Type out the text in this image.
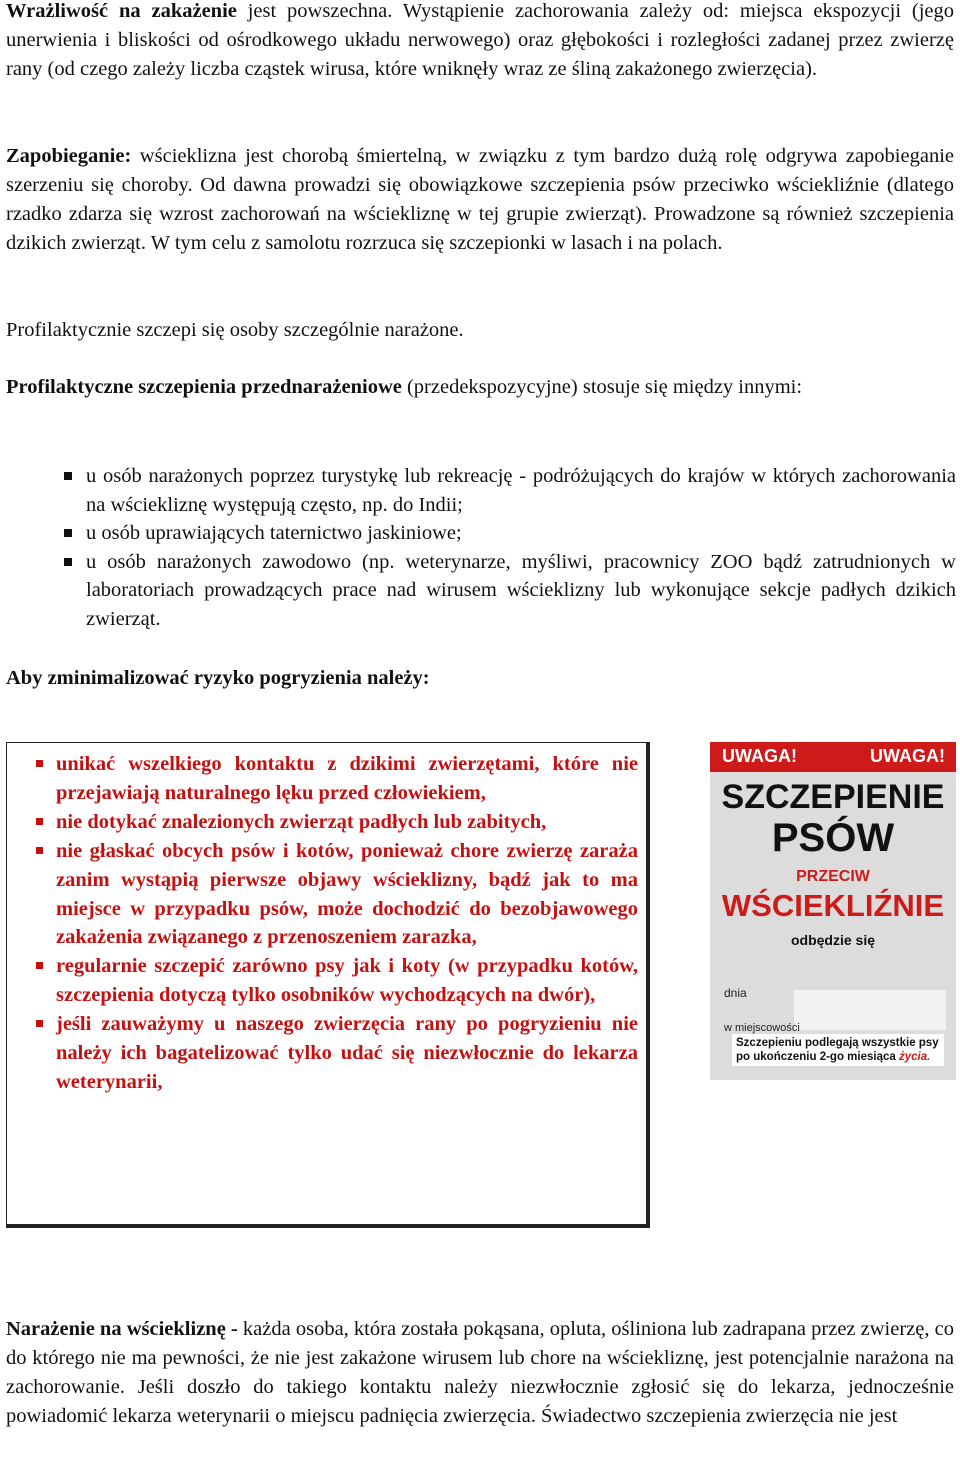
Wrażliwość na zakażenie jest powszechna. Wystąpienie zachorowania zależy od: miejsca ekspozycji (jego unerwienia i bliskości od ośrodkowego układu nerwowego) oraz głębokości i rozległości zadanej przez zwierzę rany (od czego zależy liczba cząstek wirusa, które wniknęły wraz ze śliną zakażonego zwierzęcia).
Zapobieganie: wścieklizna jest chorobą śmiertelną, w związku z tym bardzo dużą rolę odgrywa zapobieganie szerzeniu się choroby. Od dawna prowadzi się obowiązkowe szczepienia psów przeciwko wściekliźnie (dlatego rzadko zdarza się wzrost zachorowań na wściekliznę w tej grupie zwierząt). Prowadzone są również szczepienia dzikich zwierząt. W tym celu z samolotu rozrzuca się szczepionki w lasach i na polach.
Profilaktycznie szczepi się osoby szczególnie narażone.
Profilaktyczne szczepienia przednarażeniowe (przedekspozycyjne) stosuje się między innymi:
u osób narażonych poprzez turystykę lub rekreację - podróżujących do krajów w których zachorowania na wściekliznę występują często, np. do Indii;
u osób uprawiających taternictwo jaskiniowe;
u osób narażonych zawodowo (np. weterynarze, myśliwi, pracownicy ZOO bądź zatrudnionych w laboratoriach prowadzących prace nad wirusem wścieklizny lub wykonujące sekcje padłych dzikich zwierząt.
Aby zminimalizować ryzyko pogryzienia należy:
unikać wszelkiego kontaktu z dzikimi zwierzętami, które nie przejawiają naturalnego lęku przed człowiekiem,
nie dotykać znalezionych zwierząt padłych lub zabitych,
nie głaskać obcych psów i kotów, ponieważ chore zwierzę zaraża zanim wystąpią pierwsze objawy wścieklizny, bądź jak to ma miejsce w przypadku psów, może dochodzić do bezobjawowego zakażenia związanego z przenoszeniem zarazka,
regularnie szczepić zarówno psy jak i koty (w przypadku kotów, szczepienia dotyczą tylko osobników wychodzących na dwór),
jeśli zauważymy u naszego zwierzęcia rany po pogryzieniu nie należy ich bagatelizować tylko udać się niezwłocznie do lekarza weterynarii,
UWAGA!	UWAGA!
SZCZEPIENIE
PSÓW
PRZECIW
WŚCIEKLIŹNIE
odbędzie się
dnia
w miejscowości
Szczepieniu podlegają wszystkie psy
po ukończeniu 2-go miesiąca życia.
Narażenie na wściekliznę - każda osoba, która została pokąsana, opluta, ośliniona lub zadrapana przez zwierzę, co do którego nie ma pewności, że nie jest zakażone wirusem lub chore na wściekliznę, jest potencjalnie narażona na zachorowanie. Jeśli doszło do takiego kontaktu należy niezwłocznie zgłosić się do lekarza, jednocześnie powiadomić lekarza weterynarii o miejscu padnięcia zwierzęcia. Świadectwo szczepienia zwierzęcia nie jest
